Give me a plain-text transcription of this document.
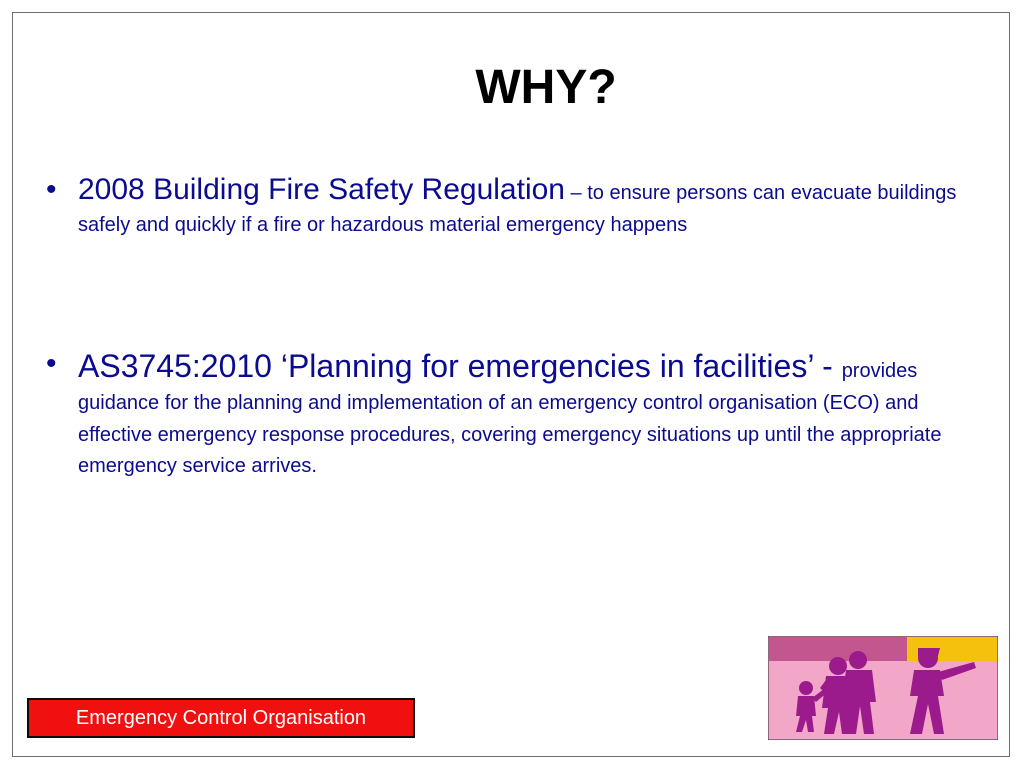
WHY?
• 2008 Building Fire Safety Regulation – to ensure persons can evacuate buildings safely and quickly if a fire or hazardous material emergency happens

• AS3745:2010 ‘Planning for emergencies in facilities’ - provides guidance for the planning and implementation of an emergency control organisation (ECO) and effective emergency response procedures, covering emergency situations up until the appropriate emergency service arrives.

Emergency Control Organisation
